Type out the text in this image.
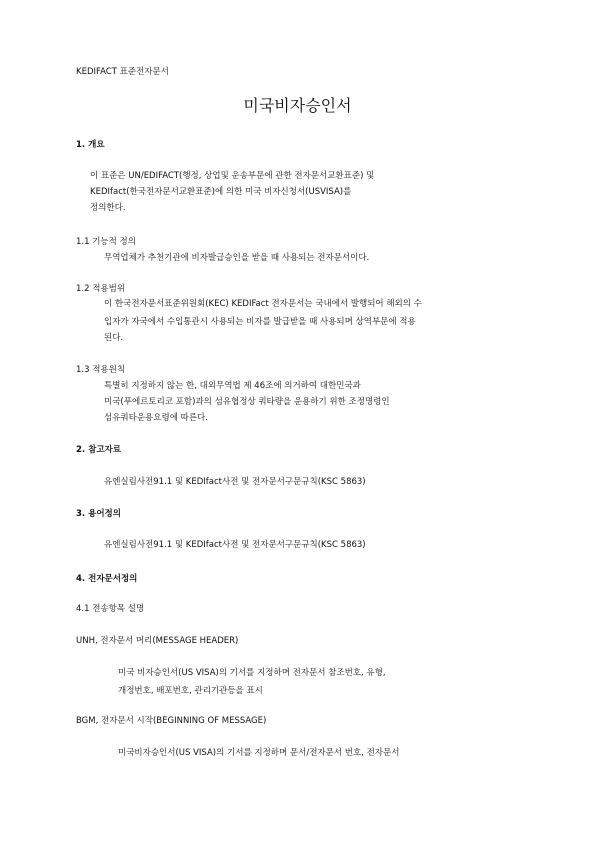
KEDIFACT 표준전자문서
미국비자승인서
1. 개요
이 표준은 UN/EDIFACT(행정, 상업및 운송부문에 관한 전자문서교환표준) 및
KEDIfact(한국전자문서교환표준)에 의한 미국 비자신청서(USVISA)를
정의한다.
1.1 기능적 정의
무역업체가 추천기관에 비자발급승인을 받을 때 사용되는 전자문서이다.
1.2 적용범위
이 한국전자문서표준위원회(KEC) KEDIFact 전자문서는 국내에서 발행되어 해외의 수
입자가 자국에서 수입통관시 사용되는 비자를 발급받을 때 사용되며 상역부문에 적용
된다.
1.3 적용원칙
특별히 지정하지 않는 한, 대외무역법 제 46조에 의거하여 대한민국과
미국(푸에르토리코 포함)과의 섬유협정상 쿼타량을 운용하기 위한 조정명령인
섬유쿼타운용요령에 따른다.
2. 참고자료
유엔실림사전91.1 및 KEDIfact사전 및 전자문서구문규칙(KSC 5863)
3. 용어정의
유엔실림사전91.1 및 KEDIfact사전 및 전자문서구문규칙(KSC 5863)
4. 전자문서정의
4.1 전송항목 설명
UNH, 전자문서 머리(MESSAGE HEADER)
미국 비자승인서(US VISA)의 기서를 지정하며 전자문서 참조번호, 유형,
개정번호, 배포번호, 관리기관등을 표시
BGM, 전자문서 시작(BEGINNING OF MESSAGE)
미국비자승인서(US VISA)의 기서를 지정하며 문서/전자문서 번호, 전자문서
